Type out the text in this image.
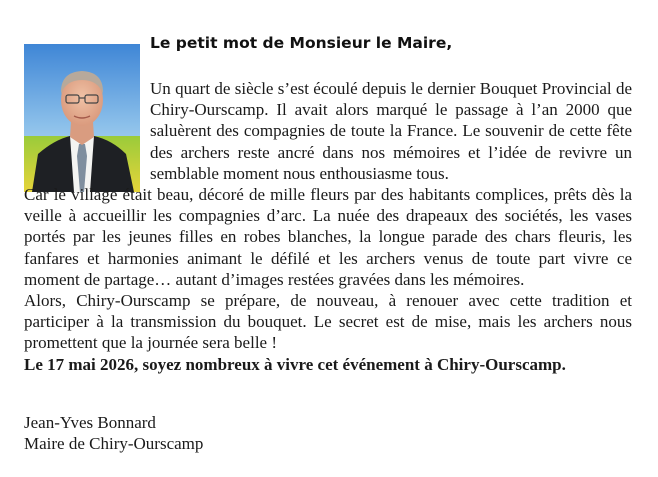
Le petit mot de Monsieur le Maire,

Un quart de siècle s’est écoulé depuis le dernier Bouquet Provincial de Chiry-Ourscamp. Il avait alors marqué le passage à l’an 2000 que saluèrent des compagnies de toute la France. Le souvenir de cette fête des archers reste ancré dans nos mémoires et l’idée de revivre un semblable moment nous enthousiasme tous.

Car le village était beau, décoré de mille fleurs par des habitants complices, prêts dès la veille à accueillir les compagnies d’arc. La nuée des drapeaux des sociétés, les vases portés par les jeunes filles en robes blanches, la longue parade des chars fleuris, les fanfares et harmonies animant le défilé et les archers venus de toute part vivre ce moment de partage… autant d’images restées gravées dans les mémoires.

Alors, Chiry-Ourscamp se prépare, de nouveau, à renouer avec cette tradition et participer à la transmission du bouquet. Le secret est de mise, mais les archers nous promettent que la journée sera belle !

Le 17 mai 2026, soyez nombreux à vivre cet événement à Chiry-Ourscamp.

Jean-Yves Bonnard
Maire de Chiry-Ourscamp
